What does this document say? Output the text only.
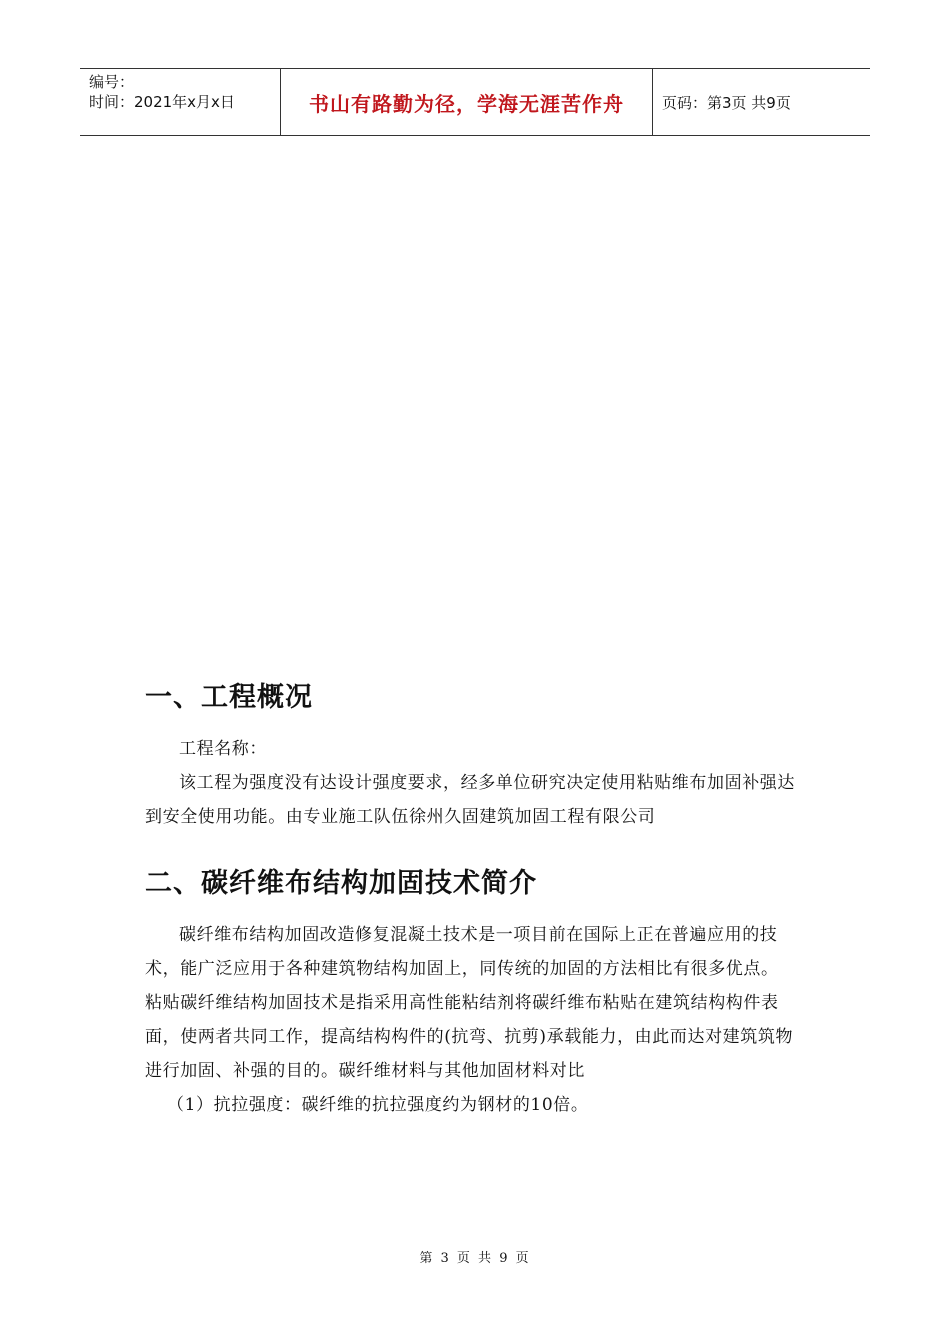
编号：
时间：2021年x月x日	书山有路勤为径，学海无涯苦作舟	页码：第3页 共9页
一、工程概况

工程名称：

该工程为强度没有达设计强度要求，经多单位研究决定使用粘贴维布加固补强达到安全使用功能。由专业施工队伍徐州久固建筑加固工程有限公司

二、碳纤维布结构加固技术简介

碳纤维布结构加固改造修复混凝土技术是一项目前在国际上正在普遍应用的技术，能广泛应用于各种建筑物结构加固上，同传统的加固的方法相比有很多优点。

粘贴碳纤维结构加固技术是指采用高性能粘结剂将碳纤维布粘贴在建筑结构构件表面，使两者共同工作，提高结构构件的(抗弯、抗剪)承载能力，由此而达对建筑筑物进行加固、补强的目的。碳纤维材料与其他加固材料对比

（1）抗拉强度：碳纤维的抗拉强度约为钢材的10倍。

第 3 页 共 9 页
